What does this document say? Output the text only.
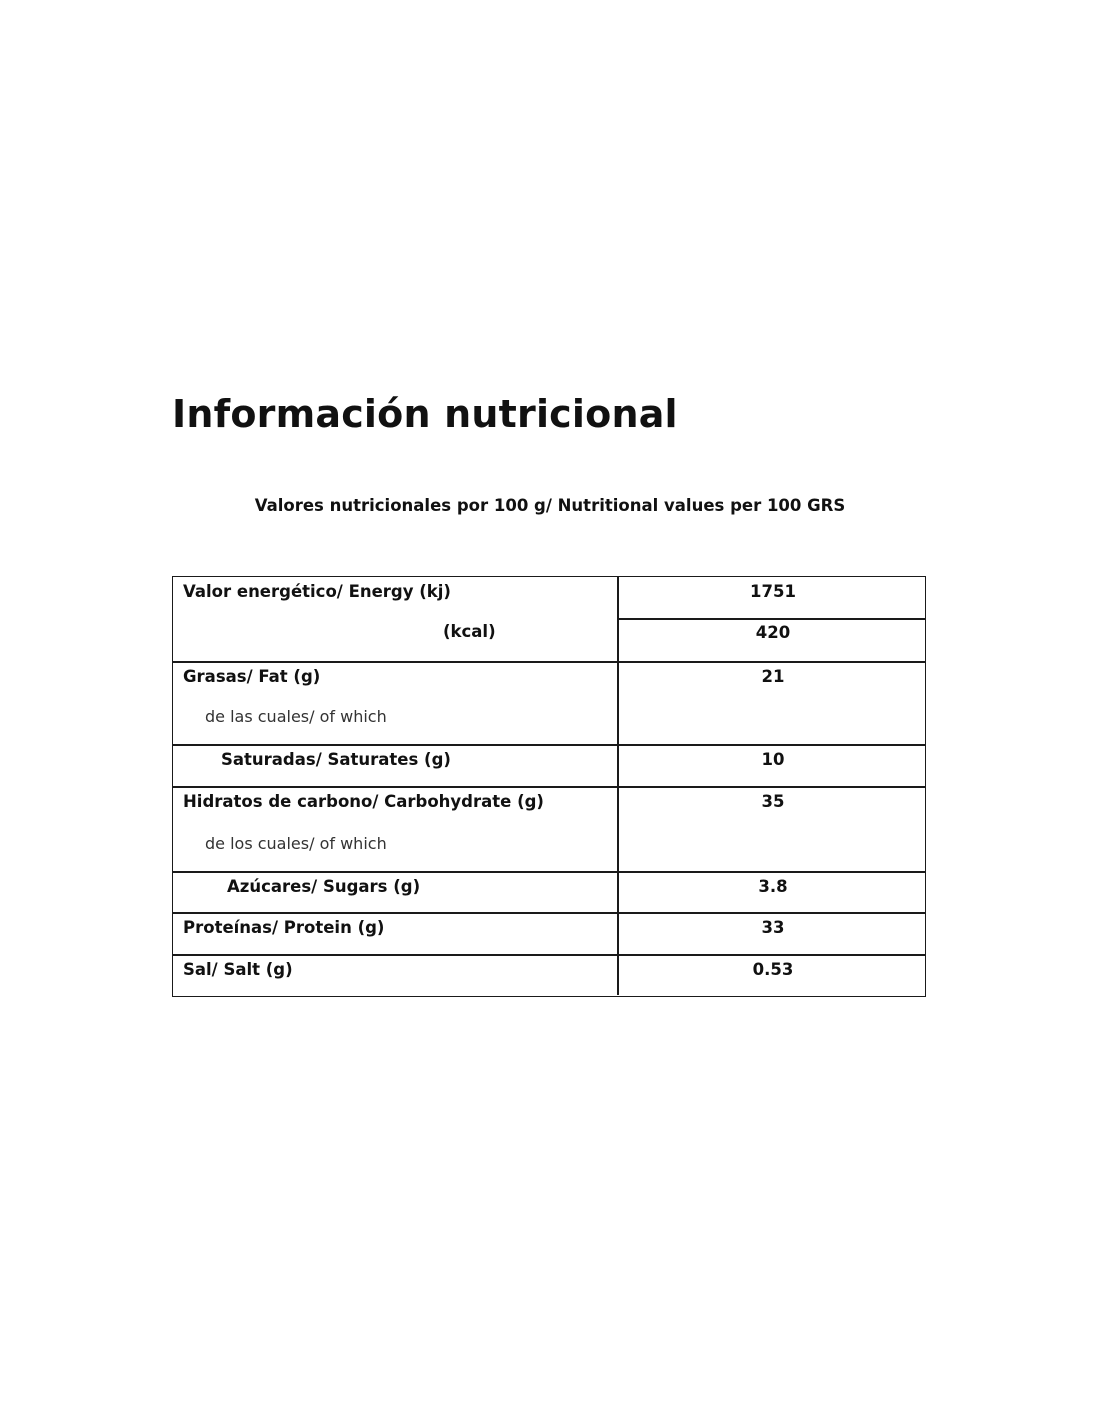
Información nutricional
Valores nutricionales por 100 g/ Nutritional values per 100 GRS
Valor energético/ Energy (kj)	1751
(kcal)	420
Grasas/ Fat (g)	21
de las cuales/ of which
Saturadas/ Saturates (g)	10
Hidratos de carbono/ Carbohydrate (g)	35
de los cuales/ of which
Azúcares/ Sugars (g)	3.8
Proteínas/ Protein (g)	33
Sal/ Salt (g)	0.53
